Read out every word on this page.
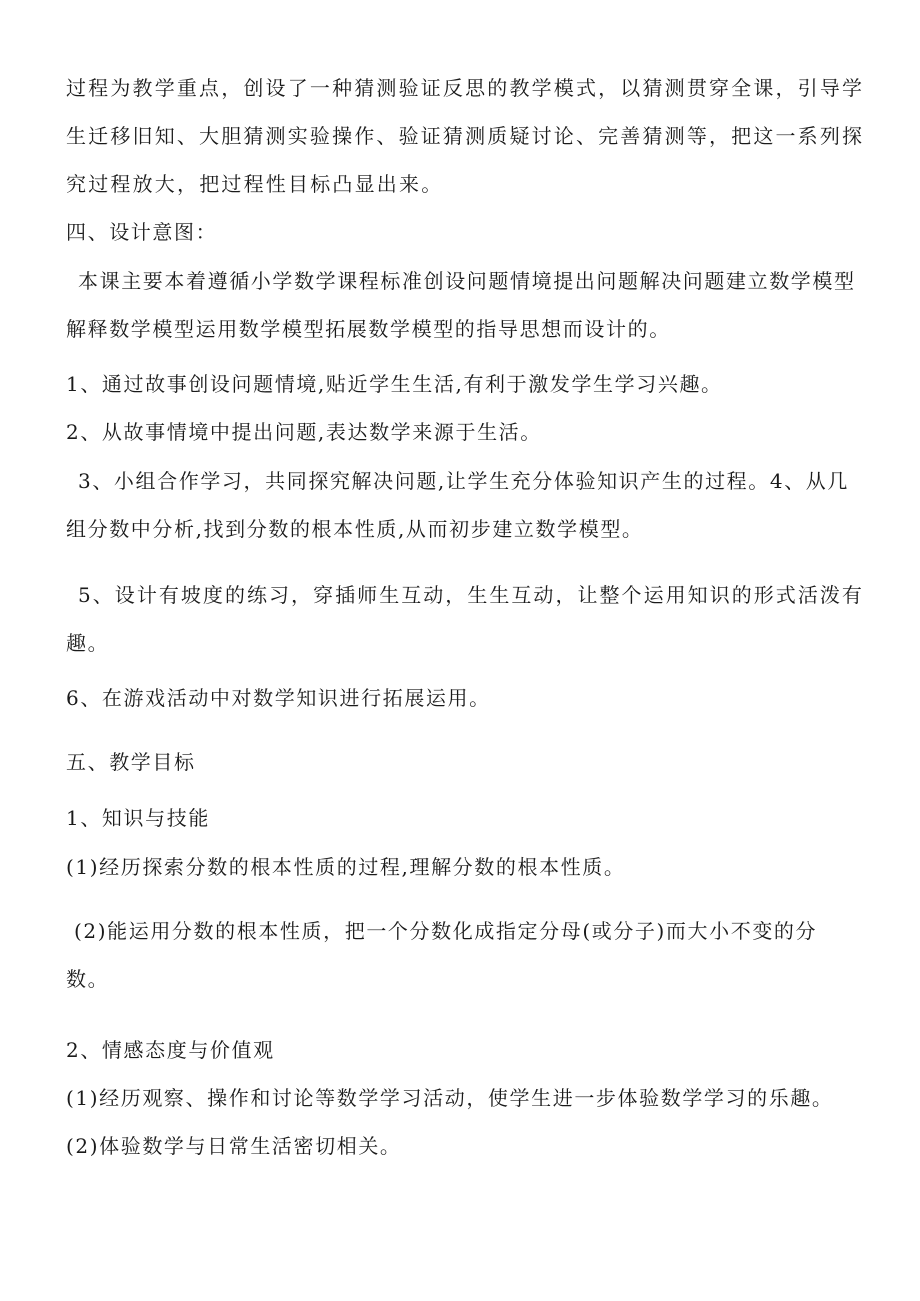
过程为教学重点，创设了一种猜测验证反思的教学模式，以猜测贯穿全课，引导学

生迁移旧知、大胆猜测实验操作、验证猜测质疑讨论、完善猜测等，把这一系列探

究过程放大，把过程性目标凸显出来。

四、设计意图：

本课主要本着遵循小学数学课程标准创设问题情境提出问题解决问题建立数学模型

解释数学模型运用数学模型拓展数学模型的指导思想而设计的。

1、通过故事创设问题情境,贴近学生生活,有利于激发学生学习兴趣。

2、从故事情境中提出问题,表达数学来源于生活。

3、小组合作学习，共同探究解决问题,让学生充分体验知识产生的过程。4、从几

组分数中分析,找到分数的根本性质,从而初步建立数学模型。

5、设计有坡度的练习，穿插师生互动，生生互动，让整个运用知识的形式活泼有

趣。

6、在游戏活动中对数学知识进行拓展运用。

五、教学目标

1、知识与技能

(1)经历探索分数的根本性质的过程,理解分数的根本性质。

(2)能运用分数的根本性质，把一个分数化成指定分母(或分子)而大小不变的分

数。

2、情感态度与价值观

(1)经历观察、操作和讨论等数学学习活动，使学生进一步体验数学学习的乐趣。

(2)体验数学与日常生活密切相关。
